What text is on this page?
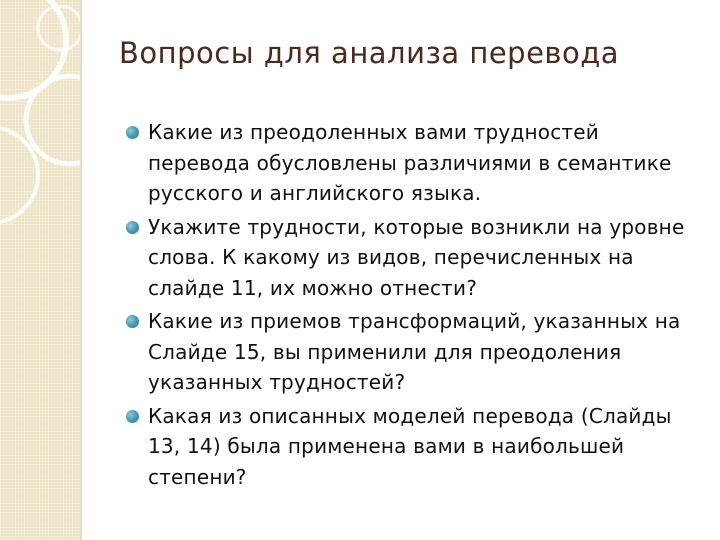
Вопросы для анализа перевода
Какие из преодоленных вами трудностей перевода обусловлены различиями в семантике русского и английского языка.
Укажите трудности, которые возникли на уровне слова. К какому из видов, перечисленных на слайде 11, их можно отнести?
Какие из приемов трансформаций, указанных на Слайде 15, вы применили для преодоления указанных трудностей?
Какая из описанных моделей перевода (Слайды 13, 14) была применена вами в наибольшей степени?
